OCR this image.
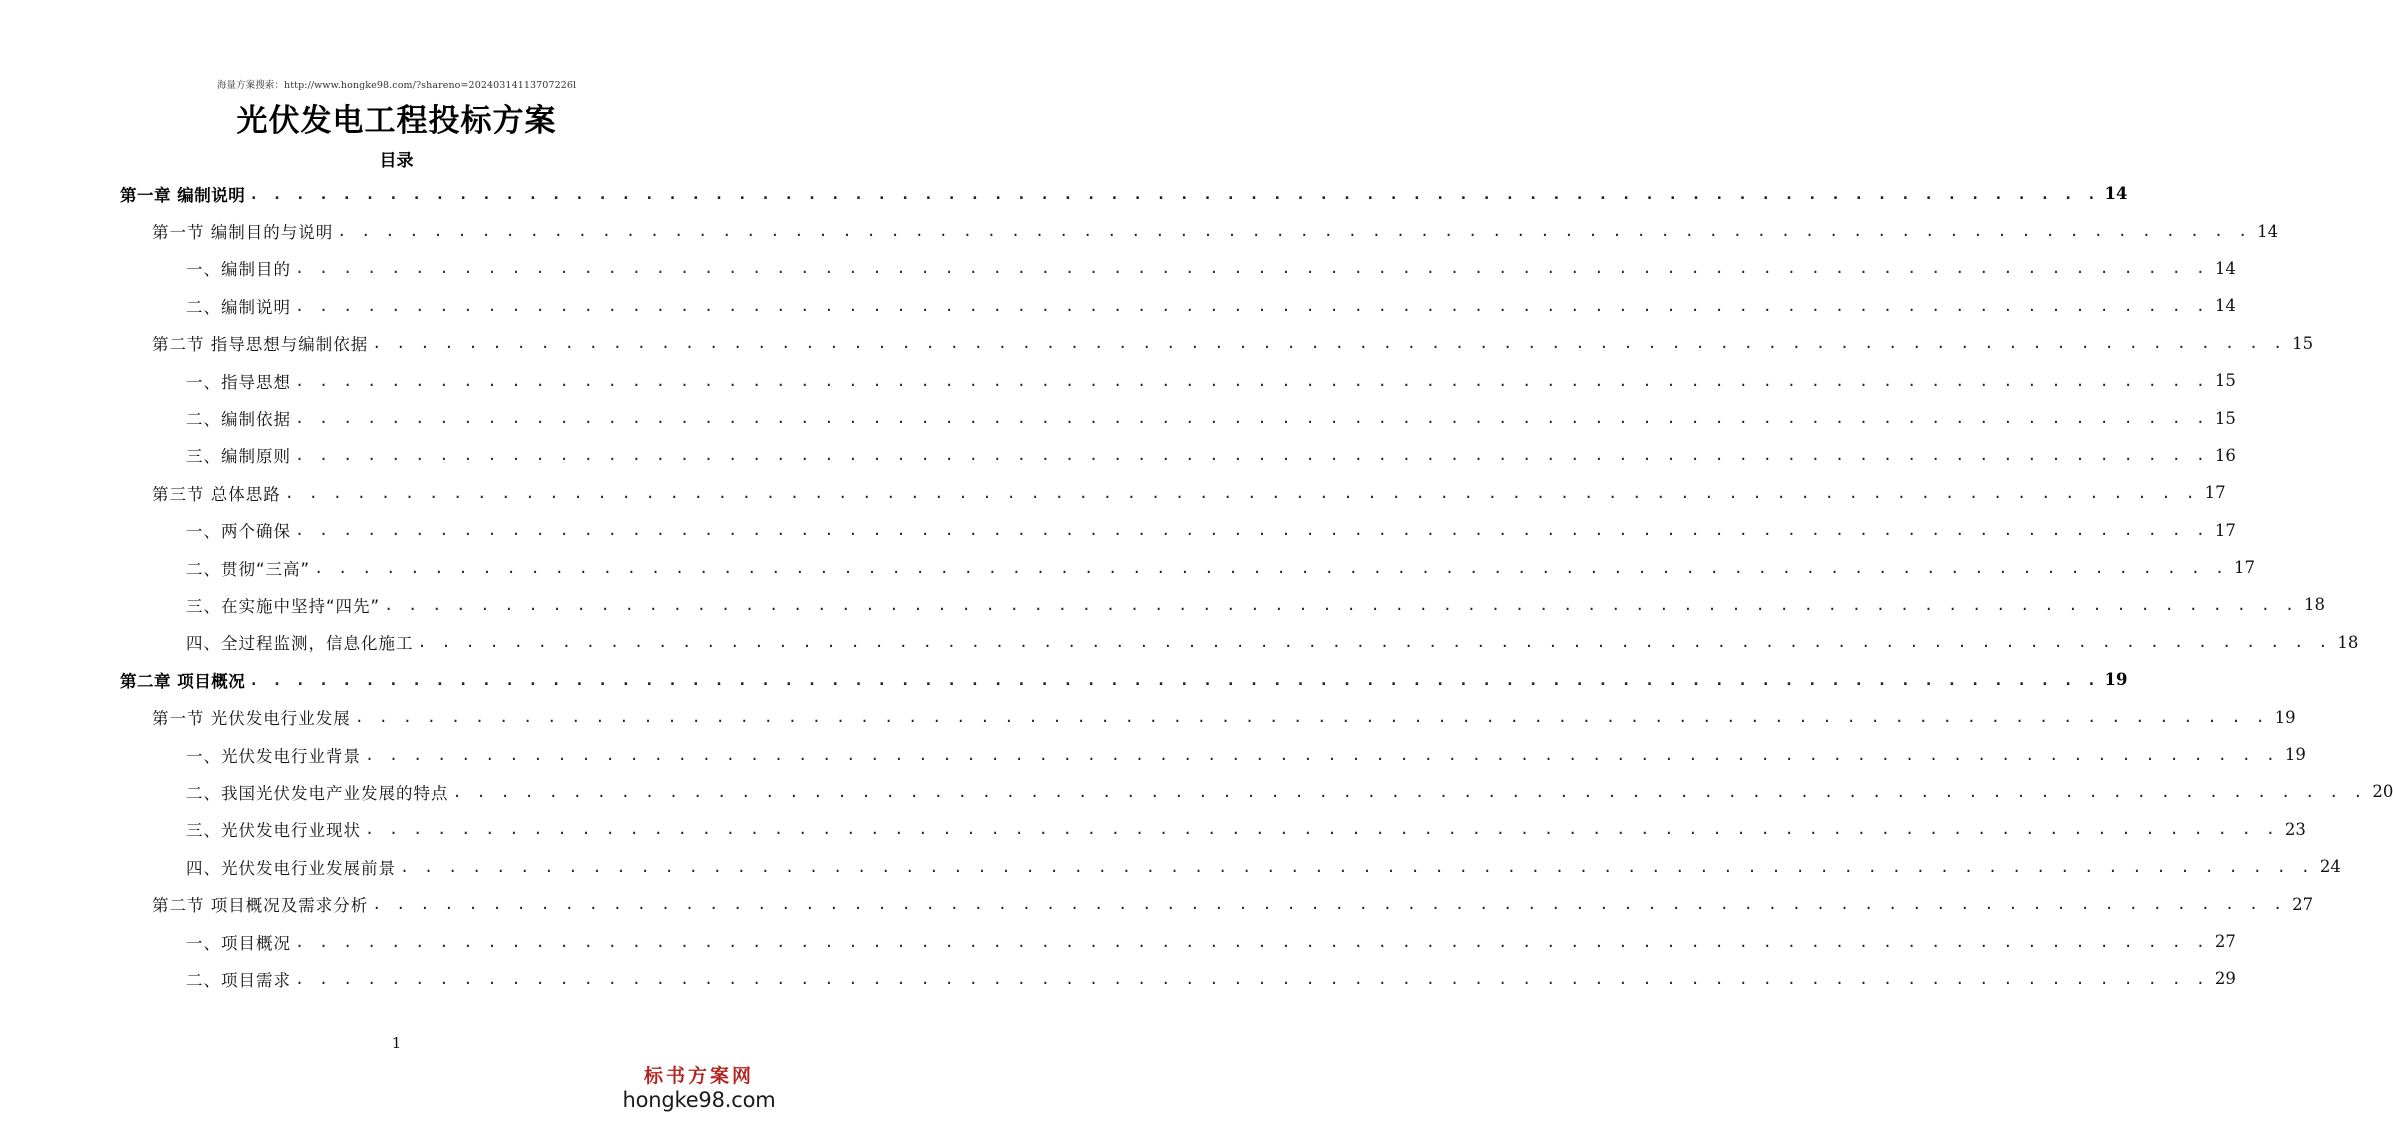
海量方案搜索：http://www.hongke98.com/?shareno=20240314113707226l
光伏发电工程投标方案
目录
第一章 编制说明 . . . . . . . . . . . . . . . . . . . . . . . . . . . . . . . . . . . . . . . . . . . . . . . . . . . . . . . . . . . . . . . . . . . . . . . . . . . . . . . . 14
第一节 编制目的与说明 . . . . . . . . . . . . . . . . . . . . . . . . . . . . . . . . . . . . . . . . . . . . . . . . . . . . . . . . . . . . . . . . . . . . . . . . . . . . . . . . 14
一、编制目的 . . . . . . . . . . . . . . . . . . . . . . . . . . . . . . . . . . . . . . . . . . . . . . . . . . . . . . . . . . . . . . . . . . . . . . . . . . . . . . . . 14
二、编制说明 . . . . . . . . . . . . . . . . . . . . . . . . . . . . . . . . . . . . . . . . . . . . . . . . . . . . . . . . . . . . . . . . . . . . . . . . . . . . . . . . 14
第二节 指导思想与编制依据 . . . . . . . . . . . . . . . . . . . . . . . . . . . . . . . . . . . . . . . . . . . . . . . . . . . . . . . . . . . . . . . . . . . . . . . . . . . . . . . . 15
一、指导思想 . . . . . . . . . . . . . . . . . . . . . . . . . . . . . . . . . . . . . . . . . . . . . . . . . . . . . . . . . . . . . . . . . . . . . . . . . . . . . . . . 15
二、编制依据 . . . . . . . . . . . . . . . . . . . . . . . . . . . . . . . . . . . . . . . . . . . . . . . . . . . . . . . . . . . . . . . . . . . . . . . . . . . . . . . . 15
三、编制原则 . . . . . . . . . . . . . . . . . . . . . . . . . . . . . . . . . . . . . . . . . . . . . . . . . . . . . . . . . . . . . . . . . . . . . . . . . . . . . . . . 16
第三节 总体思路 . . . . . . . . . . . . . . . . . . . . . . . . . . . . . . . . . . . . . . . . . . . . . . . . . . . . . . . . . . . . . . . . . . . . . . . . . . . . . . . . 17
一、两个确保 . . . . . . . . . . . . . . . . . . . . . . . . . . . . . . . . . . . . . . . . . . . . . . . . . . . . . . . . . . . . . . . . . . . . . . . . . . . . . . . . 17
二、贯彻“三高” . . . . . . . . . . . . . . . . . . . . . . . . . . . . . . . . . . . . . . . . . . . . . . . . . . . . . . . . . . . . . . . . . . . . . . . . . . . . . . . . 17
三、在实施中坚持“四先” . . . . . . . . . . . . . . . . . . . . . . . . . . . . . . . . . . . . . . . . . . . . . . . . . . . . . . . . . . . . . . . . . . . . . . . . . . . . . . . . 18
四、全过程监测，信息化施工 . . . . . . . . . . . . . . . . . . . . . . . . . . . . . . . . . . . . . . . . . . . . . . . . . . . . . . . . . . . . . . . . . . . . . . . . . . . . . . . . 18
第二章 项目概况 . . . . . . . . . . . . . . . . . . . . . . . . . . . . . . . . . . . . . . . . . . . . . . . . . . . . . . . . . . . . . . . . . . . . . . . . . . . . . . . . 19
第一节 光伏发电行业发展 . . . . . . . . . . . . . . . . . . . . . . . . . . . . . . . . . . . . . . . . . . . . . . . . . . . . . . . . . . . . . . . . . . . . . . . . . . . . . . . . 19
一、光伏发电行业背景 . . . . . . . . . . . . . . . . . . . . . . . . . . . . . . . . . . . . . . . . . . . . . . . . . . . . . . . . . . . . . . . . . . . . . . . . . . . . . . . . 19
二、我国光伏发电产业发展的特点 . . . . . . . . . . . . . . . . . . . . . . . . . . . . . . . . . . . . . . . . . . . . . . . . . . . . . . . . . . . . . . . . . . . . . . . . . . . . . . . . 20
三、光伏发电行业现状 . . . . . . . . . . . . . . . . . . . . . . . . . . . . . . . . . . . . . . . . . . . . . . . . . . . . . . . . . . . . . . . . . . . . . . . . . . . . . . . . 23
四、光伏发电行业发展前景 . . . . . . . . . . . . . . . . . . . . . . . . . . . . . . . . . . . . . . . . . . . . . . . . . . . . . . . . . . . . . . . . . . . . . . . . . . . . . . . . 24
第二节 项目概况及需求分析 . . . . . . . . . . . . . . . . . . . . . . . . . . . . . . . . . . . . . . . . . . . . . . . . . . . . . . . . . . . . . . . . . . . . . . . . . . . . . . . . 27
一、项目概况 . . . . . . . . . . . . . . . . . . . . . . . . . . . . . . . . . . . . . . . . . . . . . . . . . . . . . . . . . . . . . . . . . . . . . . . . . . . . . . . . 27
二、项目需求 . . . . . . . . . . . . . . . . . . . . . . . . . . . . . . . . . . . . . . . . . . . . . . . . . . . . . . . . . . . . . . . . . . . . . . . . . . . . . . . . 29
1
标书方案网
hongke98.com
